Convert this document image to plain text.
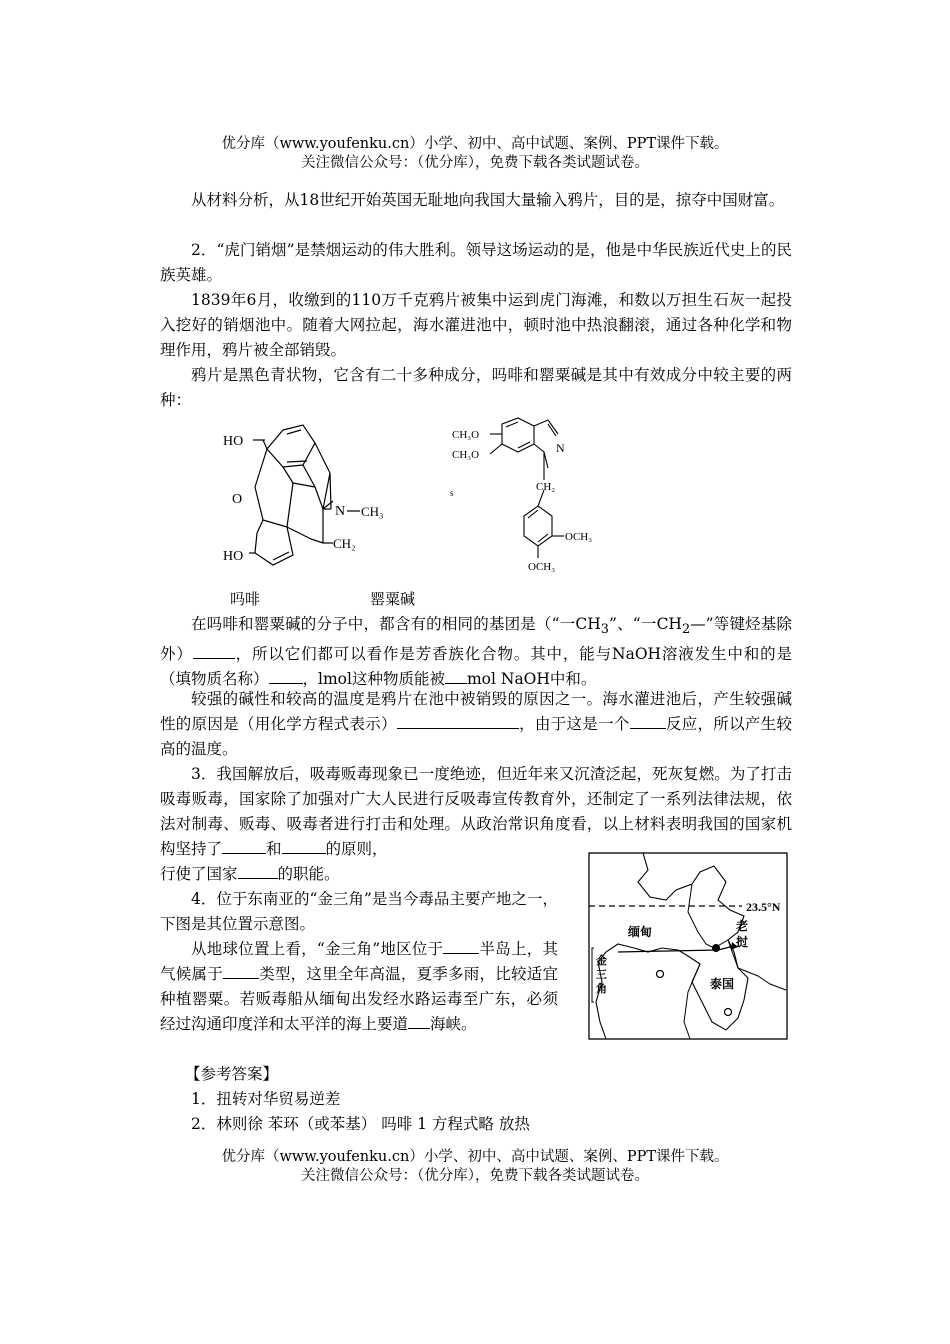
优分库（www.youfenku.cn）小学、初中、高中试题、案例、PPT课件下载。
关注微信公众号：（优分库），免费下载各类试题试卷。
从材料分析，从18世纪开始英国无耻地向我国大量输入鸦片，目的是，掠夺中国财富。
2．“虎门销烟”是禁烟运动的伟大胜利。领导这场运动的是，他是中华民族近代史上的民族英雄。
1839年6月，收缴到的110万千克鸦片被集中运到虎门海滩，和数以万担生石灰一起投入挖好的销烟池中。随着大网拉起，海水灌进池中，顿时池中热浪翻滚，通过各种化学和物理作用，鸦片被全部销毁。
鸦片是黑色青状物，它含有二十多种成分，吗啡和罂粟碱是其中有效成分中较主要的两种：
HO
O
N CH₃
CH₂
HO
CH₃O
CH₃O	N
CH₂
OCH₃
OCH₃
s
吗啡	罂粟碱
在吗啡和罂粟碱的分子中，都含有的相同的基团是（“一$CH_3$”、“一$CH_2—$”等键烃基除外）	，所以它们都可以看作是芳香族化合物。其中，能与NaOH溶液发生中和的是（填物质名称） ，lmol这种物质能被 mol NaOH中和。
较强的碱性和较高的温度是鸦片在池中被销毁的原因之一。海水灌进池后，产生较强碱性的原因是（用化学方程式表示）	，由于这是一个 反应，所以产生较高的温度。
3．我国解放后，吸毒贩毒现象已一度绝迹，但近年来又沉渣泛起，死灰复燃。为了打击吸毒贩毒，国家除了加强对广大人民进行反吸毒宣传教育外，还制定了一系列法律法规，依法对制毒、贩毒、吸毒者进行打击和处理。从政治常识角度看，以上材料表明我国的国家机构坚持了	和	的原则，
行使了国家	的职能。
4．位于东南亚的“金三角”是当今毒品主要产地之一，下图是其位置示意图。
从地球位置上看，“金三角”地区位于 半岛上，其气候属于 类型，这里全年高温，夏季多雨，比较适宜种植罂粟。若贩毒船从缅甸出发经水路运毒至广东，必须经过沟通印度洋和太平洋的海上要道 海峡。
金
三
角
缅甸	老
挝
泰国
23.5°N
【参考答案】
1．扭转对华贸易逆差
2．林则徐 苯环（或苯基） 吗啡 1 方程式略 放热
优分库（www.youfenku.cn）小学、初中、高中试题、案例、PPT课件下载。
关注微信公众号：（优分库），免费下载各类试题试卷。
